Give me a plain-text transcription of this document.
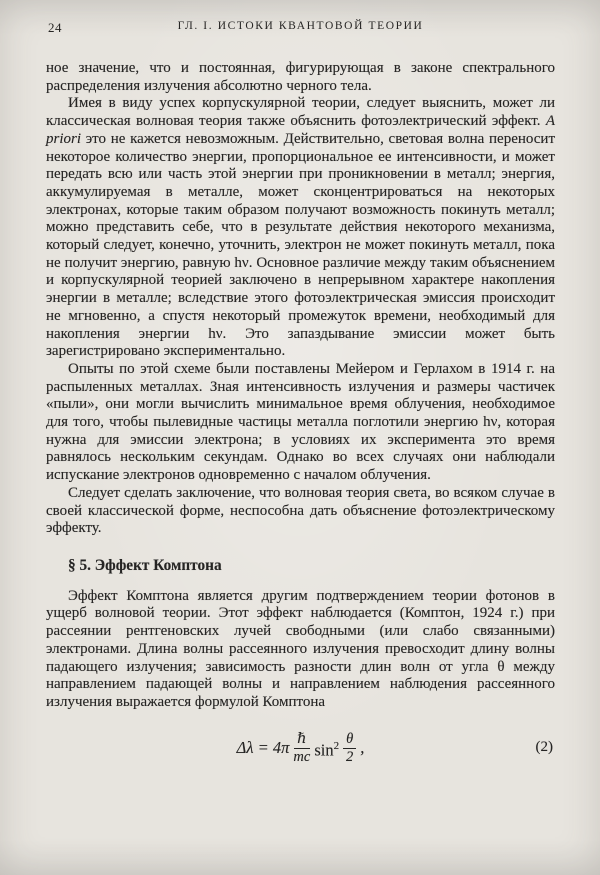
24	ГЛ. I. ИСТОКИ КВАНТОВОЙ ТЕОРИИ

ное значение, что и постоянная, фигурирующая в законе спектрального распределения излучения абсолютно черного тела.

Имея в виду успех корпускулярной теории, следует выяснить, может ли классическая волновая теория также объяснить фотоэлектрический эффект. A priori это не кажется невозможным. Действительно, световая волна переносит некоторое количество энергии, пропорциональное ее интенсивности, и может передать всю или часть этой энергии при проникновении в металл; энергия, аккумулируемая в металле, может сконцентрироваться на некоторых электронах, которые таким образом получают возможность покинуть металл; можно представить себе, что в результате действия некоторого механизма, который следует, конечно, уточнить, электрон не может покинуть металл, пока не получит энергию, равную hν. Основное различие между таким объяснением и корпускулярной теорией заключено в непрерывном характере накопления энергии в металле; вследствие этого фотоэлектрическая эмиссия происходит не мгновенно, а спустя некоторый промежуток времени, необходимый для накопления энергии hν. Это запаздывание эмиссии может быть зарегистрировано экспериментально.

Опыты по этой схеме были поставлены Мейером и Герлахом в 1914 г. на распыленных металлах. Зная интенсивность излучения и размеры частичек «пыли», они могли вычислить минимальное время облучения, необходимое для того, чтобы пылевидные частицы металла поглотили энергию hν, которая нужна для эмиссии электрона; в условиях их эксперимента это время равнялось нескольким секундам. Однако во всех случаях они наблюдали испускание электронов одновременно с началом облучения.

Следует сделать заключение, что волновая теория света, во всяком случае в своей классической форме, неспособна дать объяснение фотоэлектрическому эффекту.

§ 5. Эффект Комптона

Эффект Комптона является другим подтверждением теории фотонов в ущерб волновой теории. Этот эффект наблюдается (Комптон, 1924 г.) при рассеянии рентгеновских лучей свободными (или слабо связанными) электронами. Длина волны рассеянного излучения превосходит длину волны падающего излучения; зависимость разности длин волн от угла θ между направлением падающей волны и направлением наблюдения рассеянного излучения выражается формулой Комптона

$\Delta\lambda = 4\pi \frac{\text{ℏ}}{mc} \sin^2 \frac{\theta}{2}$ ,	(2)
